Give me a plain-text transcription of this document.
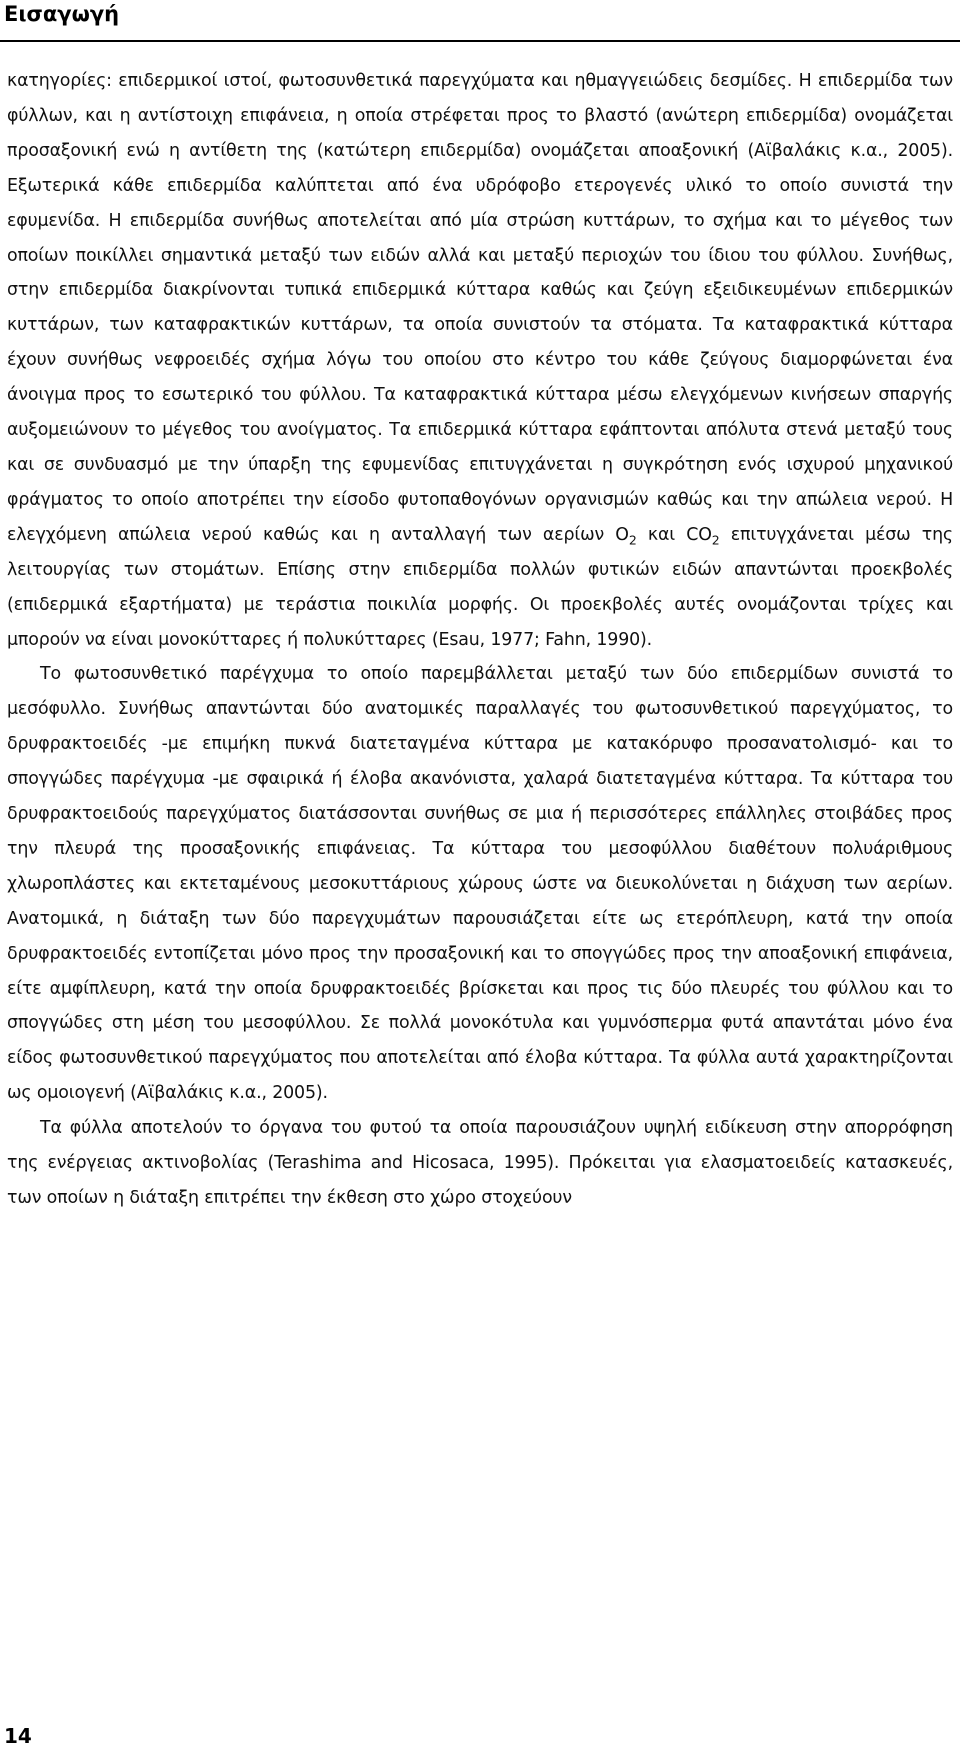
Εισαγωγή

κατηγορίες: επιδερμικοί ιστοί, φωτοσυνθετικά παρεγχύματα και ηθμαγγειώδεις δεσμίδες. Η επιδερμίδα των φύλλων, και η αντίστοιχη επιφάνεια, η οποία στρέφεται προς το βλαστό (ανώτερη επιδερμίδα) ονομάζεται προσαξονική ενώ η αντίθετη της (κατώτερη επιδερμίδα) ονομάζεται αποαξονική (Αϊβαλάκις κ.α., 2005). Εξωτερικά κάθε επιδερμίδα καλύπτεται από ένα υδρόφοβο ετερογενές υλικό το οποίο συνιστά την εφυμενίδα. Η επιδερμίδα συνήθως αποτελείται από μία στρώση κυττάρων, το σχήμα και το μέγεθος των οποίων ποικίλλει σημαντικά μεταξύ των ειδών αλλά και μεταξύ περιοχών του ίδιου του φύλλου. Συνήθως, στην επιδερμίδα διακρίνονται τυπικά επιδερμικά κύτταρα καθώς και ζεύγη εξειδικευμένων επιδερμικών κυττάρων, των καταφρακτικών κυττάρων, τα οποία συνιστούν τα στόματα. Τα καταφρακτικά κύτταρα έχουν συνήθως νεφροειδές σχήμα λόγω του οποίου στο κέντρο του κάθε ζεύγους διαμορφώνεται ένα άνοιγμα προς το εσωτερικό του φύλλου. Τα καταφρακτικά κύτταρα μέσω ελεγχόμενων κινήσεων σπαργής αυξομειώνουν το μέγεθος του ανοίγματος. Τα επιδερμικά κύτταρα εφάπτονται απόλυτα στενά μεταξύ τους και σε συνδυασμό με την ύπαρξη της εφυμενίδας επιτυγχάνεται η συγκρότηση ενός ισχυρού μηχανικού φράγματος το οποίο αποτρέπει την είσοδο φυτοπαθογόνων οργανισμών καθώς και την απώλεια νερού. Η ελεγχόμενη απώλεια νερού καθώς και η ανταλλαγή των αερίων $O_2$ και $CO_2$ επιτυγχάνεται μέσω της λειτουργίας των στομάτων. Επίσης στην επιδερμίδα πολλών φυτικών ειδών απαντώνται προεκβολές (επιδερμικά εξαρτήματα) με τεράστια ποικιλία μορφής. Οι προεκβολές αυτές ονομάζονται τρίχες και μπορούν να είναι μονοκύτταρες ή πολυκύτταρες (Esau, 1977; Fahn, 1990).

Το φωτοσυνθετικό παρέγχυμα το οποίο παρεμβάλλεται μεταξύ των δύο επιδερμίδων συνιστά το μεσόφυλλο. Συνήθως απαντώνται δύο ανατομικές παραλλαγές του φωτοσυνθετικού παρεγχύματος, το δρυφρακτοειδές -με επιμήκη πυκνά διατεταγμένα κύτταρα με κατακόρυφο προσανατολισμό- και το σπογγώδες παρέγχυμα -με σφαιρικά ή έλοβα ακανόνιστα, χαλαρά διατεταγμένα κύτταρα. Τα κύτταρα του δρυφρακτοειδούς παρεγχύματος διατάσσονται συνήθως σε μια ή περισσότερες επάλληλες στοιβάδες προς την πλευρά της προσαξονικής επιφάνειας. Τα κύτταρα του μεσοφύλλου διαθέτουν πολυάριθμους χλωροπλάστες και εκτεταμένους μεσοκυττάριους χώρους ώστε να διευκολύνεται η διάχυση των αερίων. Ανατομικά, η διάταξη των δύο παρεγχυμάτων παρουσιάζεται είτε ως ετερόπλευρη, κατά την οποία δρυφρακτοειδές εντοπίζεται μόνο προς την προσαξονική και το σπογγώδες προς την αποαξονική επιφάνεια, είτε αμφίπλευρη, κατά την οποία δρυφρακτοειδές βρίσκεται και προς τις δύο πλευρές του φύλλου και το σπογγώδες στη μέση του μεσοφύλλου. Σε πολλά μονοκότυλα και γυμνόσπερμα φυτά απαντάται μόνο ένα είδος φωτοσυνθετικού παρεγχύματος που αποτελείται από έλοβα κύτταρα. Τα φύλλα αυτά χαρακτηρίζονται ως ομοιογενή (Αϊβαλάκις κ.α., 2005).

Τα φύλλα αποτελούν το όργανα του φυτού τα οποία παρουσιάζουν υψηλή ειδίκευση στην απορρόφηση της ενέργειας ακτινοβολίας (Terashima and Hicosaca, 1995). Πρόκειται για ελασματοειδείς κατασκευές, των οποίων η διάταξη επιτρέπει την έκθεση στο χώρο στοχεύουν

14
